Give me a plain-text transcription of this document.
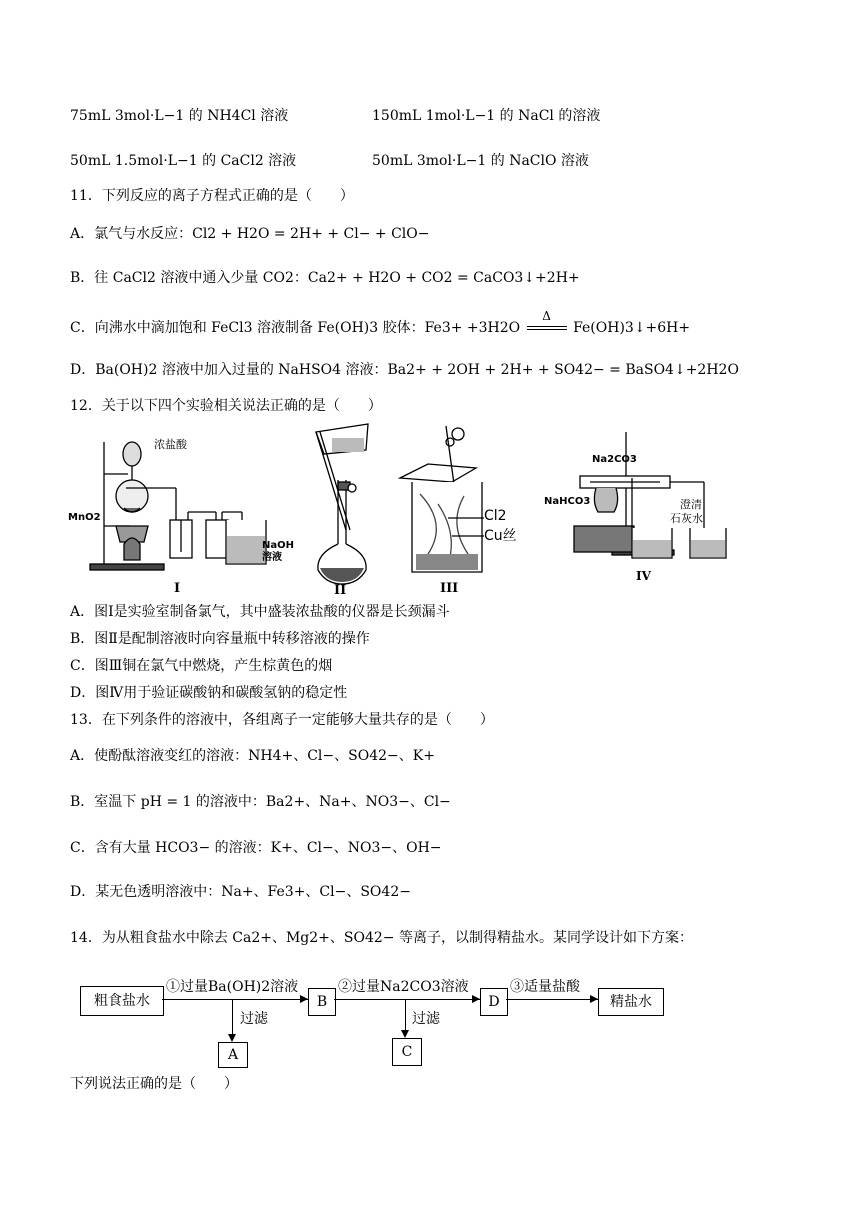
75mL 3mol·L−1 的 NH4Cl 溶液	150mL 1mol·L−1 的 NaCl 的溶液
50mL 1.5mol·L−1 的 CaCl2 溶液	50mL 3mol·L−1 的 NaClO 溶液
11．下列反应的离子方程式正确的是（　　）
A．氯气与水反应：Cl2 + H2O = 2H+ + Cl− + ClO−
B．往 CaCl2 溶液中通入少量 CO2：Ca2+ + H2O + CO2 = CaCO3↓+2H+
C．向沸水中滴加饱和 FeCl3 溶液制备 Fe(OH)3 胶体：Fe3+ +3H2O
Δ
Fe(OH)3↓+6H+
D．Ba(OH)2 溶液中加入过量的 NaHSO4 溶液：Ba2+ + 2OH + 2H+ + SO42− = BaSO4↓+2H2O
12．关于以下四个实验相关说法正确的是（　　）
浓盐酸
MnO2
NaOH
溶液
I	II
Cl2
Cu丝
III
Na2CO3
NaHCO3	澄清
石灰水
IV
A．图Ⅰ是实验室制备氯气，其中盛装浓盐酸的仪器是长颈漏斗
B．图Ⅱ是配制溶液时向容量瓶中转移溶液的操作
C．图Ⅲ铜在氯气中燃烧，产生棕黄色的烟
D．图Ⅳ用于验证碳酸钠和碳酸氢钠的稳定性
13．在下列条件的溶液中，各组离子一定能够大量共存的是（　　）
A．使酚酞溶液变红的溶液：NH4+、Cl−、SO42−、K+
B．室温下 pH = 1 的溶液中：Ba2+、Na+、NO3−、Cl−
C．含有大量 HCO3− 的溶液：K+、Cl−、NO3−、OH−
D．某无色透明溶液中：Na+、Fe3+、Cl−、SO42−
14．为从粗食盐水中除去 Ca2+、Mg2+、SO42− 等离子，以制得精盐水。某同学设计如下方案：
粗食盐水
①过量Ba(OH)2溶液
B
②过量Na2CO3溶液
D
③适量盐酸
精盐水
过滤
A
过滤
C
下列说法正确的是（　　）
